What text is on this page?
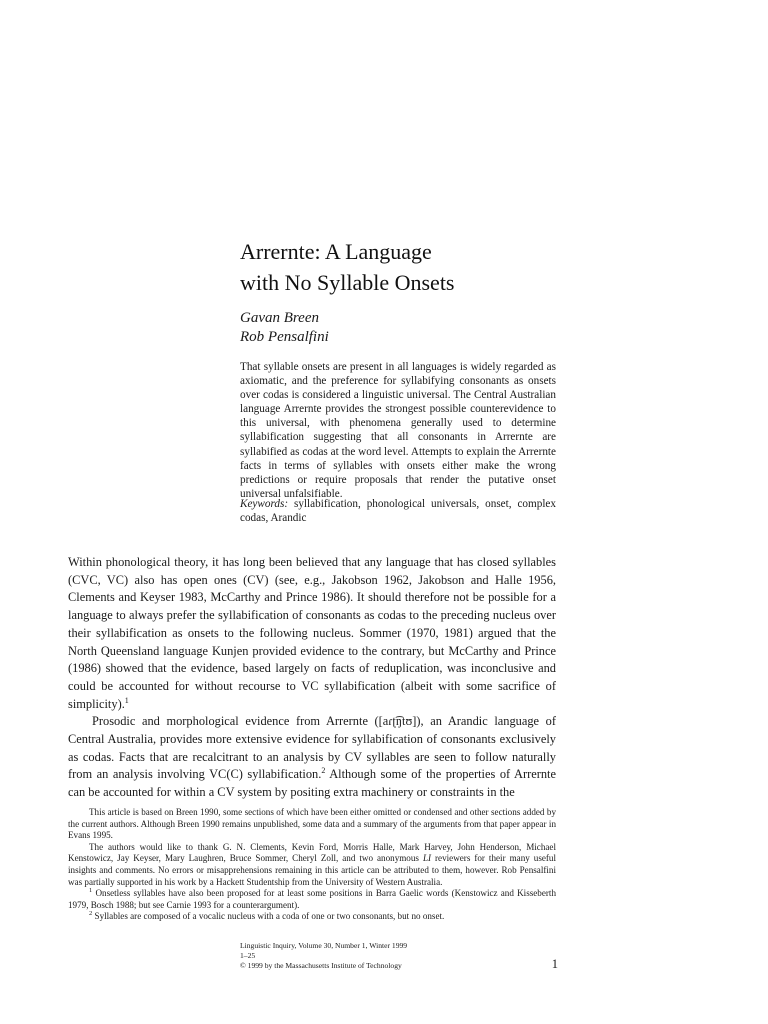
Arrernte: A Language
with No Syllable Onsets
Gavan Breen
Rob Pensalfini

That syllable onsets are present in all languages is widely regarded as axiomatic, and the preference for syllabifying consonants as onsets over codas is considered a linguistic universal. The Central Australian language Arrernte provides the strongest possible counterevidence to this universal, with phenomena generally used to determine syllabification suggesting that all consonants in Arrernte are syllabified as codas at the word level. Attempts to explain the Arrernte facts in terms of syllables with onsets either make the wrong predictions or require proposals that render the putative onset universal unfalsifiable.

Keywords: syllabification, phonological universals, onset, complex codas, Arandic

Within phonological theory, it has long been believed that any language that has closed syllables (CVC, VC) also has open ones (CV) (see, e.g., Jakobson 1962, Jakobson and Halle 1956, Clements and Keyser 1983, McCarthy and Prince 1986). It should therefore not be possible for a language to always prefer the syllabification of consonants as codas to the preceding nucleus over their syllabification as onsets to the following nucleus. Sommer (1970, 1981) argued that the North Queensland language Kunjen provided evidence to the contrary, but McCarthy and Prince (1986) showed that the evidence, based largely on facts of reduplication, was inconclusive and could be accounted for without recourse to VC syllabification (albeit with some sacrifice of simplicity).$^1$

Prosodic and morphological evidence from Arrernte ([aɾʈ͡ŋtʊ]), an Arandic language of Central Australia, provides more extensive evidence for syllabification of consonants exclusively as codas. Facts that are recalcitrant to an analysis by CV syllables are seen to follow naturally from an analysis involving VC(C) syllabification.$^2$ Although some of the properties of Arrernte can be accounted for within a CV system by positing extra machinery or constraints in the

This article is based on Breen 1990, some sections of which have been either omitted or condensed and other sections added by the current authors. Although Breen 1990 remains unpublished, some data and a summary of the arguments from that paper appear in Evans 1995.

The authors would like to thank G. N. Clements, Kevin Ford, Morris Halle, Mark Harvey, John Henderson, Michael Kenstowicz, Jay Keyser, Mary Laughren, Bruce Sommer, Cheryl Zoll, and two anonymous LI reviewers for their many useful insights and comments. No errors or misapprehensions remaining in this article can be attributed to them, however. Rob Pensalfini was partially supported in his work by a Hackett Studentship from the University of Western Australia.

$^1$ Onsetless syllables have also been proposed for at least some positions in Barra Gaelic words (Kenstowicz and Kisseberth 1979, Bosch 1988; but see Carnie 1993 for a counterargument).

$^2$ Syllables are composed of a vocalic nucleus with a coda of one or two consonants, but no onset.

Linguistic Inquiry, Volume 30, Number 1, Winter 1999
1–25
© 1999 by the Massachusetts Institute of Technology	1
